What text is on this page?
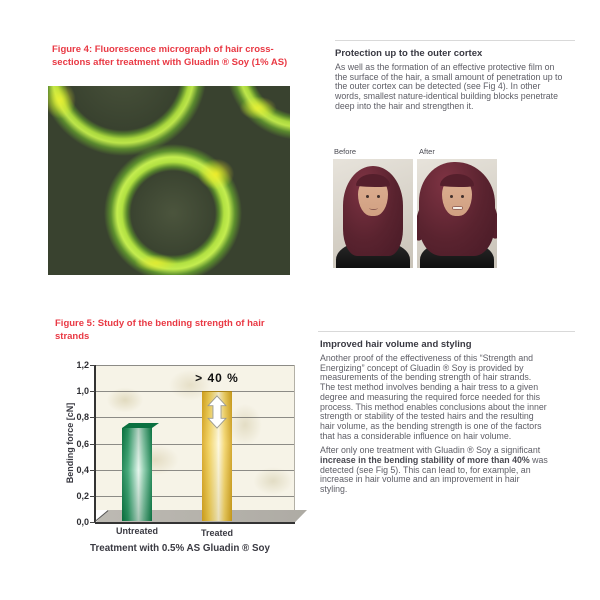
Figure 4: Fluorescence micrograph of hair cross-sections after treatment with Gluadin ® Soy (1% AS)
Figure 5: Study of the bending strength of hair strands
Bending force [cN]
> 40 %
Treatment with 0.5% AS Gluadin ® Soy
1,2
1,0
0,8
0,6
0,4
0,2
0,0
Untreated	Treated
Protection up to the outer cortex
As well as the formation of an effective protective film on the surface of the hair, a small amount of penetration up to the outer cortex can be detected (see Fig 4). In other words, smallest nature-identical building blocks penetrate deep into the hair and strengthen it.
Before	After
Improved hair volume and styling

Another proof of the effectiveness of this “Strength and Energizing” concept of Gluadin ® Soy is provided by measurements of the bending strength of hair strands. The test method involves bending a hair tress to a given degree and measuring the required force needed for this process. This method enables conclusions about the inner strength or stability of the tested hairs and the resulting hair volume, as the bending strength is one of the factors that has a considerable influence on hair volume.

After only one treatment with Gluadin ® Soy a significant increase in the bending stability of more than 40% was detected (see Fig 5). This can lead to, for example, an increase in hair volume and an improvement in hair styling.
